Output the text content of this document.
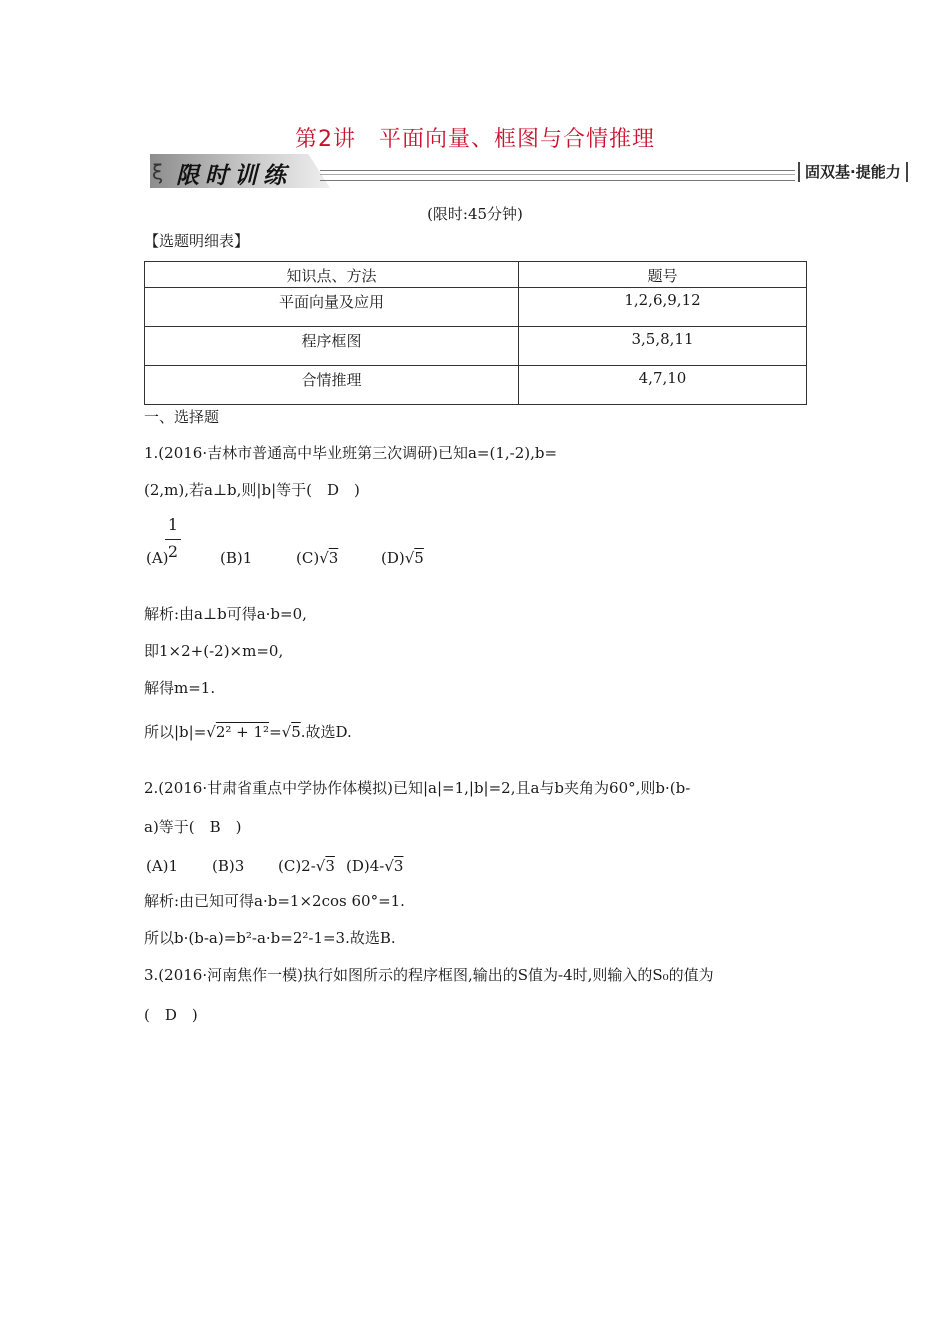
第2讲　平面向量、框图与合情推理
ξ 限时训练	固双基·提能力
(限时:45分钟)
【选题明细表】
知识点、方法	题号
平面向量及应用	1,2,6,9,12
程序框图	3,5,8,11
合情推理	4,7,10
一、选择题
1.(2016·吉林市普通高中毕业班第三次调研)已知a=(1,-2),b=
(2,m),若a⊥b,则|b|等于(　D　)
(A)
1
2	(B)1	(C)√3	(D)√5
解析:由a⊥b可得a·b=0,
即1×2+(-2)×m=0,
解得m=1.
所以|b|=√2² + 1²=√5.故选D.
2.(2016·甘肃省重点中学协作体模拟)已知|a|=1,|b|=2,且a与b夹角为60°,则b·(b-
a)等于(　B　)
(A)1 (B)3 (C)2-√3 (D)4-√3
解析:由已知可得a·b=1×2cos 60°=1.
所以b·(b-a)=b²-a·b=2²-1=3.故选B.
3.(2016·河南焦作一模)执行如图所示的程序框图,输出的S值为-4时,则输入的S₀的值为
(　D　)
